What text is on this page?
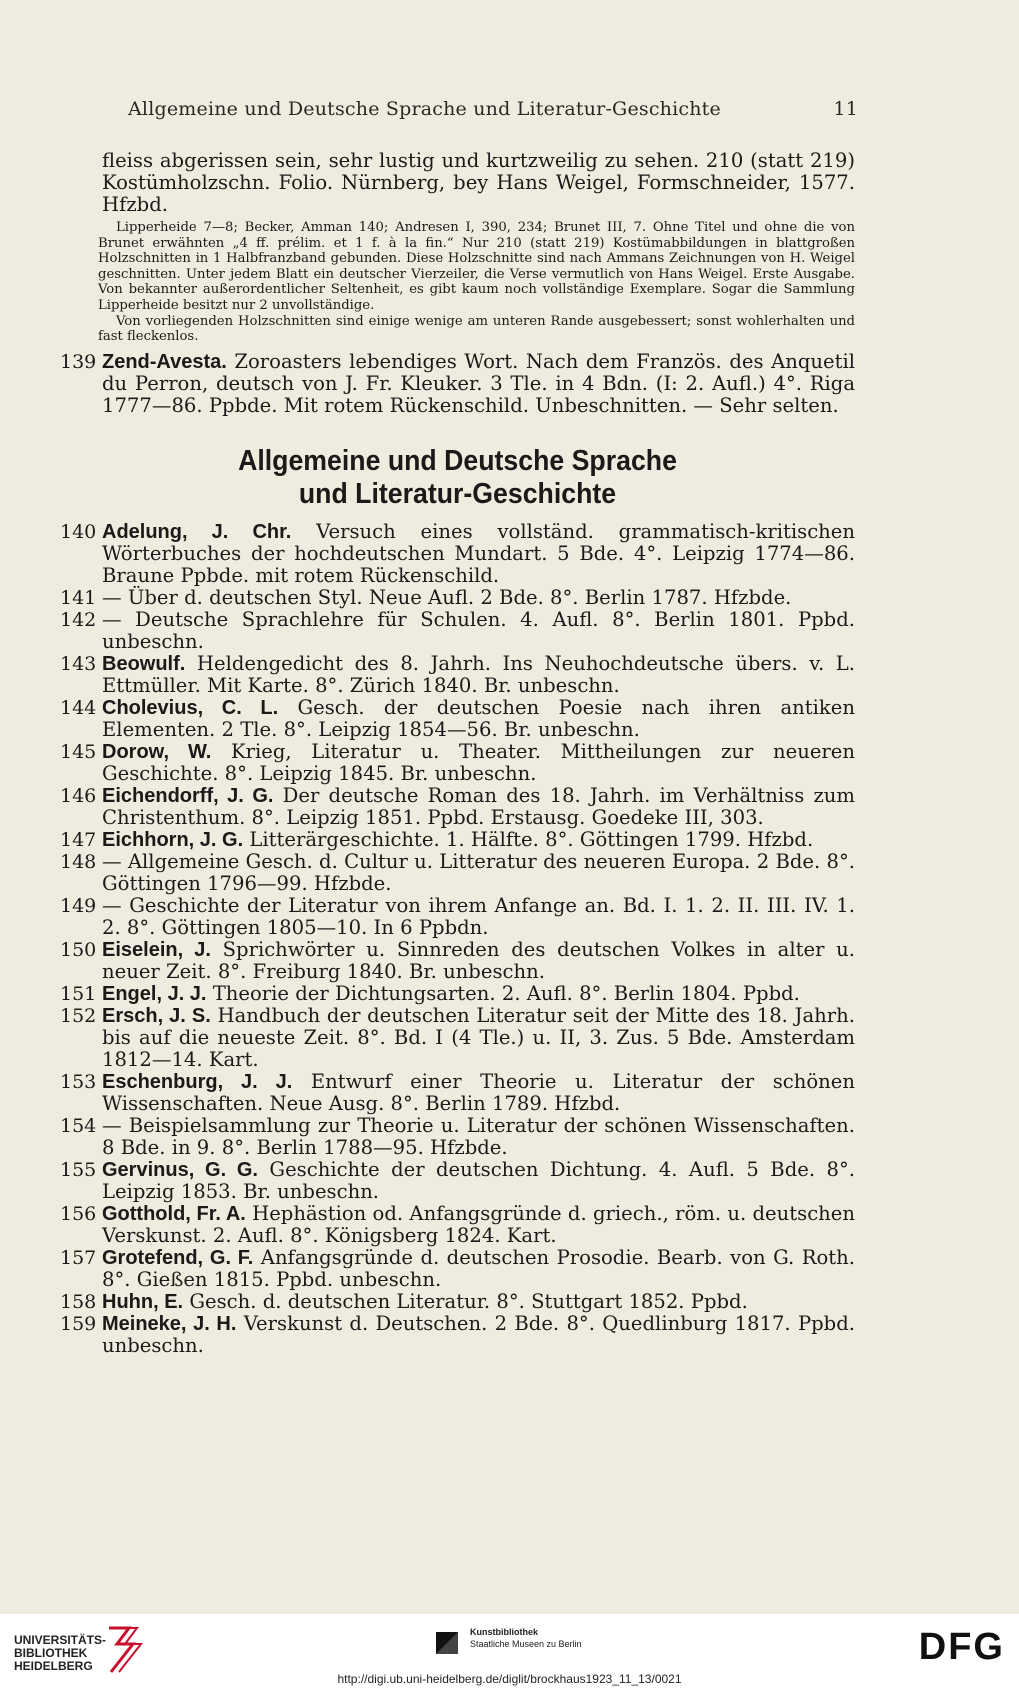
Allgemeine und Deutsche Sprache und Literatur-Geschichte	11

fleiss abgerissen sein, sehr lustig und kurtzweilig zu sehen. 210 (statt 219) Kostümholzschn. Folio. Nürnberg, bey Hans Weigel, Formschneider, 1577. Hfzbd.

Lipperheide 7—8; Becker, Amman 140; Andresen I, 390, 234; Brunet III, 7. Ohne Titel und ohne die von Brunet erwähnten „4 ff. prélim. et 1 f. à la fin.“ Nur 210 (statt 219) Kostümabbildungen in blattgroßen Holzschnitten in 1 Halbfranzband gebunden. Diese Holzschnitte sind nach Ammans Zeichnungen von H. Weigel geschnitten. Unter jedem Blatt ein deutscher Vierzeiler, die Verse vermutlich von Hans Weigel. Erste Ausgabe. Von bekannter außerordentlicher Seltenheit, es gibt kaum noch vollständige Exemplare. Sogar die Sammlung Lipperheide besitzt nur 2 unvollständige.
Von vorliegenden Holzschnitten sind einige wenige am unteren Rande ausgebessert; sonst wohlerhalten und fast fleckenlos.
139 Zend-Avesta. Zoroasters lebendiges Wort. Nach dem Französ. des Anquetil du Perron, deutsch von J. Fr. Kleuker. 3 Tle. in 4 Bdn. (I: 2. Aufl.) 4°. Riga 1777—86. Ppbde. Mit rotem Rückenschild. Unbeschnitten. — Sehr selten.
Allgemeine und Deutsche Sprache
und Literatur-Geschichte
140 Adelung, J. Chr. Versuch eines vollständ. grammatisch-kritischen Wörterbuches der hochdeutschen Mundart. 5 Bde. 4°. Leipzig 1774—86. Braune Ppbde. mit rotem Rückenschild.
141 — Über d. deutschen Styl. Neue Aufl. 2 Bde. 8°. Berlin 1787. Hfzbde.
142 — Deutsche Sprachlehre für Schulen. 4. Aufl. 8°. Berlin 1801. Ppbd. unbeschn.
143 Beowulf. Heldengedicht des 8. Jahrh. Ins Neuhochdeutsche übers. v. L. Ettmüller. Mit Karte. 8°. Zürich 1840. Br. unbeschn.
144 Cholevius, C. L. Gesch. der deutschen Poesie nach ihren antiken Elementen. 2 Tle. 8°. Leipzig 1854—56. Br. unbeschn.
145 Dorow, W. Krieg, Literatur u. Theater. Mittheilungen zur neueren Geschichte. 8°. Leipzig 1845. Br. unbeschn.
146 Eichendorff, J. G. Der deutsche Roman des 18. Jahrh. im Verhältniss zum Christenthum. 8°. Leipzig 1851. Ppbd. Erstausg. Goedeke III, 303.
147 Eichhorn, J. G. Litterärgeschichte. 1. Hälfte. 8°. Göttingen 1799. Hfzbd.
148 — Allgemeine Gesch. d. Cultur u. Litteratur des neueren Europa. 2 Bde. 8°. Göttingen 1796—99. Hfzbde.
149 — Geschichte der Literatur von ihrem Anfange an. Bd. I. 1. 2. II. III. IV. 1. 2. 8°. Göttingen 1805—10. In 6 Ppbdn.
150 Eiselein, J. Sprichwörter u. Sinnreden des deutschen Volkes in alter u. neuer Zeit. 8°. Freiburg 1840. Br. unbeschn.
151 Engel, J. J. Theorie der Dichtungsarten. 2. Aufl. 8°. Berlin 1804. Ppbd.
152 Ersch, J. S. Handbuch der deutschen Literatur seit der Mitte des 18. Jahrh. bis auf die neueste Zeit. 8°. Bd. I (4 Tle.) u. II, 3. Zus. 5 Bde. Amsterdam 1812—14. Kart.
153 Eschenburg, J. J. Entwurf einer Theorie u. Literatur der schönen Wissenschaften. Neue Ausg. 8°. Berlin 1789. Hfzbd.
154 — Beispielsammlung zur Theorie u. Literatur der schönen Wissenschaften. 8 Bde. in 9. 8°. Berlin 1788—95. Hfzbde.
155 Gervinus, G. G. Geschichte der deutschen Dichtung. 4. Aufl. 5 Bde. 8°. Leipzig 1853. Br. unbeschn.
156 Gotthold, Fr. A. Hephästion od. Anfangsgründe d. griech., röm. u. deutschen Verskunst. 2. Aufl. 8°. Königsberg 1824. Kart.
157 Grotefend, G. F. Anfangsgründe d. deutschen Prosodie. Bearb. von G. Roth. 8°. Gießen 1815. Ppbd. unbeschn.
158 Huhn, E. Gesch. d. deutschen Literatur. 8°. Stuttgart 1852. Ppbd.
159 Meineke, J. H. Verskunst d. Deutschen. 2 Bde. 8°. Quedlinburg 1817. Ppbd. unbeschn.
UNIVERSITÄTS-
BIBLIOTHEK
HEIDELBERG
Kunstbibliothek
Staatliche Museen zu Berlin	DFG
http://digi.ub.uni-heidelberg.de/diglit/brockhaus1923_11_13/0021
